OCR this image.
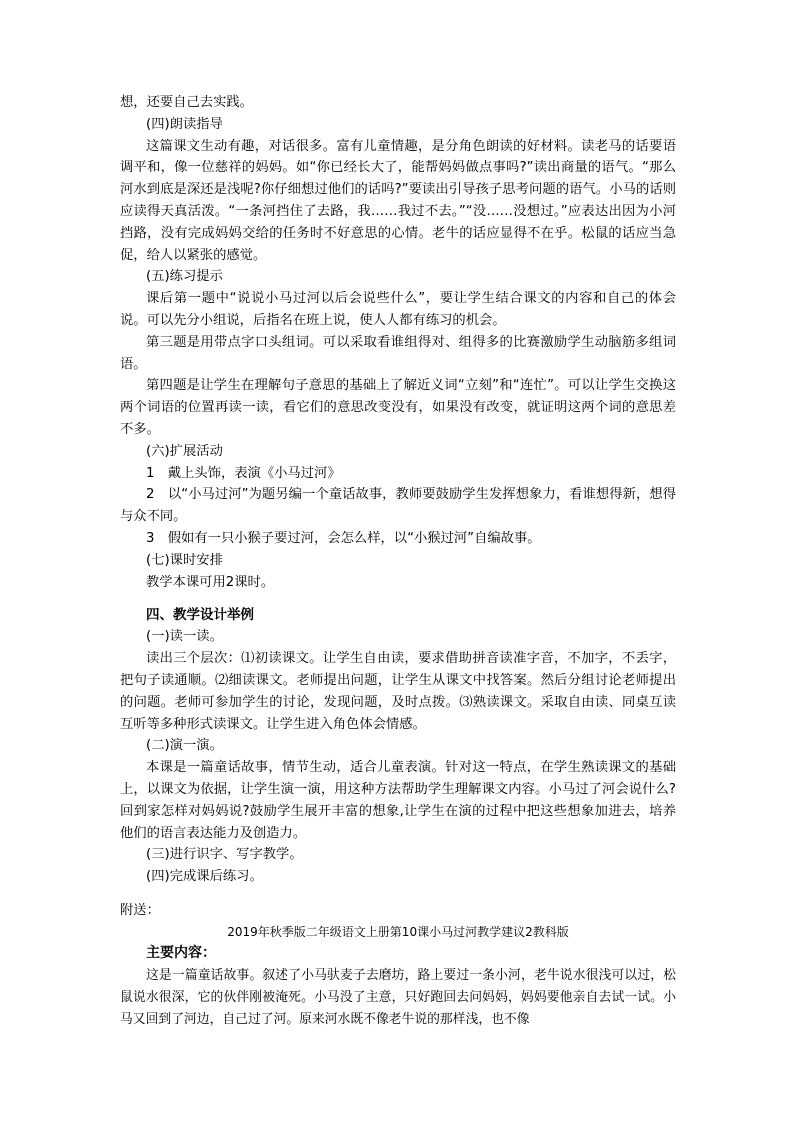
想，还要自己去实践。

(四)朗读指导

这篇课文生动有趣，对话很多。富有儿童情趣，是分角色朗读的好材料。读老马的话要语调平和，像一位慈祥的妈妈。如“你已经长大了，能帮妈妈做点事吗?”读出商量的语气。“那么河水到底是深还是浅呢?你仔细想过他们的话吗?”要读出引导孩子思考问题的语气。小马的话则应读得天真活泼。“一条河挡住了去路，我……我过不去。”“没……没想过。”应表达出因为小河挡路，没有完成妈妈交给的任务时不好意思的心情。老牛的话应显得不在乎。松鼠的话应当急促，给人以紧张的感觉。

(五)练习提示

课后第一题中“说说小马过河以后会说些什么”，要让学生结合课文的内容和自己的体会说。可以先分小组说，后指名在班上说，使人人都有练习的机会。

第三题是用带点字口头组词。可以采取看谁组得对、组得多的比赛激励学生动脑筋多组词语。

第四题是让学生在理解句子意思的基础上了解近义词“立刻”和“连忙”。可以让学生交换这两个词语的位置再读一读，看它们的意思改变没有，如果没有改变，就证明这两个词的意思差不多。

(六)扩展活动

1　戴上头饰，表演《小马过河》

2　以“小马过河”为题另编一个童话故事，教师要鼓励学生发挥想象力，看谁想得新，想得与众不同。

3　假如有一只小猴子要过河，会怎么样，以“小猴过河”自编故事。

(七)课时安排

教学本课可用2课时。

四、教学设计举例

(一)读一读。

读出三个层次：⑴初读课文。让学生自由读，要求借助拼音读准字音，不加字，不丢字，把句子读通顺。⑵细读课文。老师提出问题，让学生从课文中找答案。然后分组讨论老师提出的问题。老师可参加学生的讨论，发现问题，及时点拨。⑶熟读课文。采取自由读、同桌互读互听等多种形式读课文。让学生进入角色体会情感。

(二)演一演。

本课是一篇童话故事，情节生动，适合儿童表演。针对这一特点，在学生熟读课文的基础上，以课文为依据，让学生演一演，用这种方法帮助学生理解课文内容。小马过了河会说什么?回到家怎样对妈妈说?鼓励学生展开丰富的想象,让学生在演的过程中把这些想象加进去，培养他们的语言表达能力及创造力。

(三)进行识字、写字教学。

(四)完成课后练习。

附送：

2019年秋季版二年级语文上册第10课小马过河教学建议2教科版

主要内容：

这是一篇童话故事。叙述了小马驮麦子去磨坊，路上要过一条小河，老牛说水很浅可以过，松鼠说水很深，它的伙伴刚被淹死。小马没了主意，只好跑回去问妈妈，妈妈要他亲自去试一试。小马又回到了河边，自己过了河。原来河水既不像老牛说的那样浅，也不像
